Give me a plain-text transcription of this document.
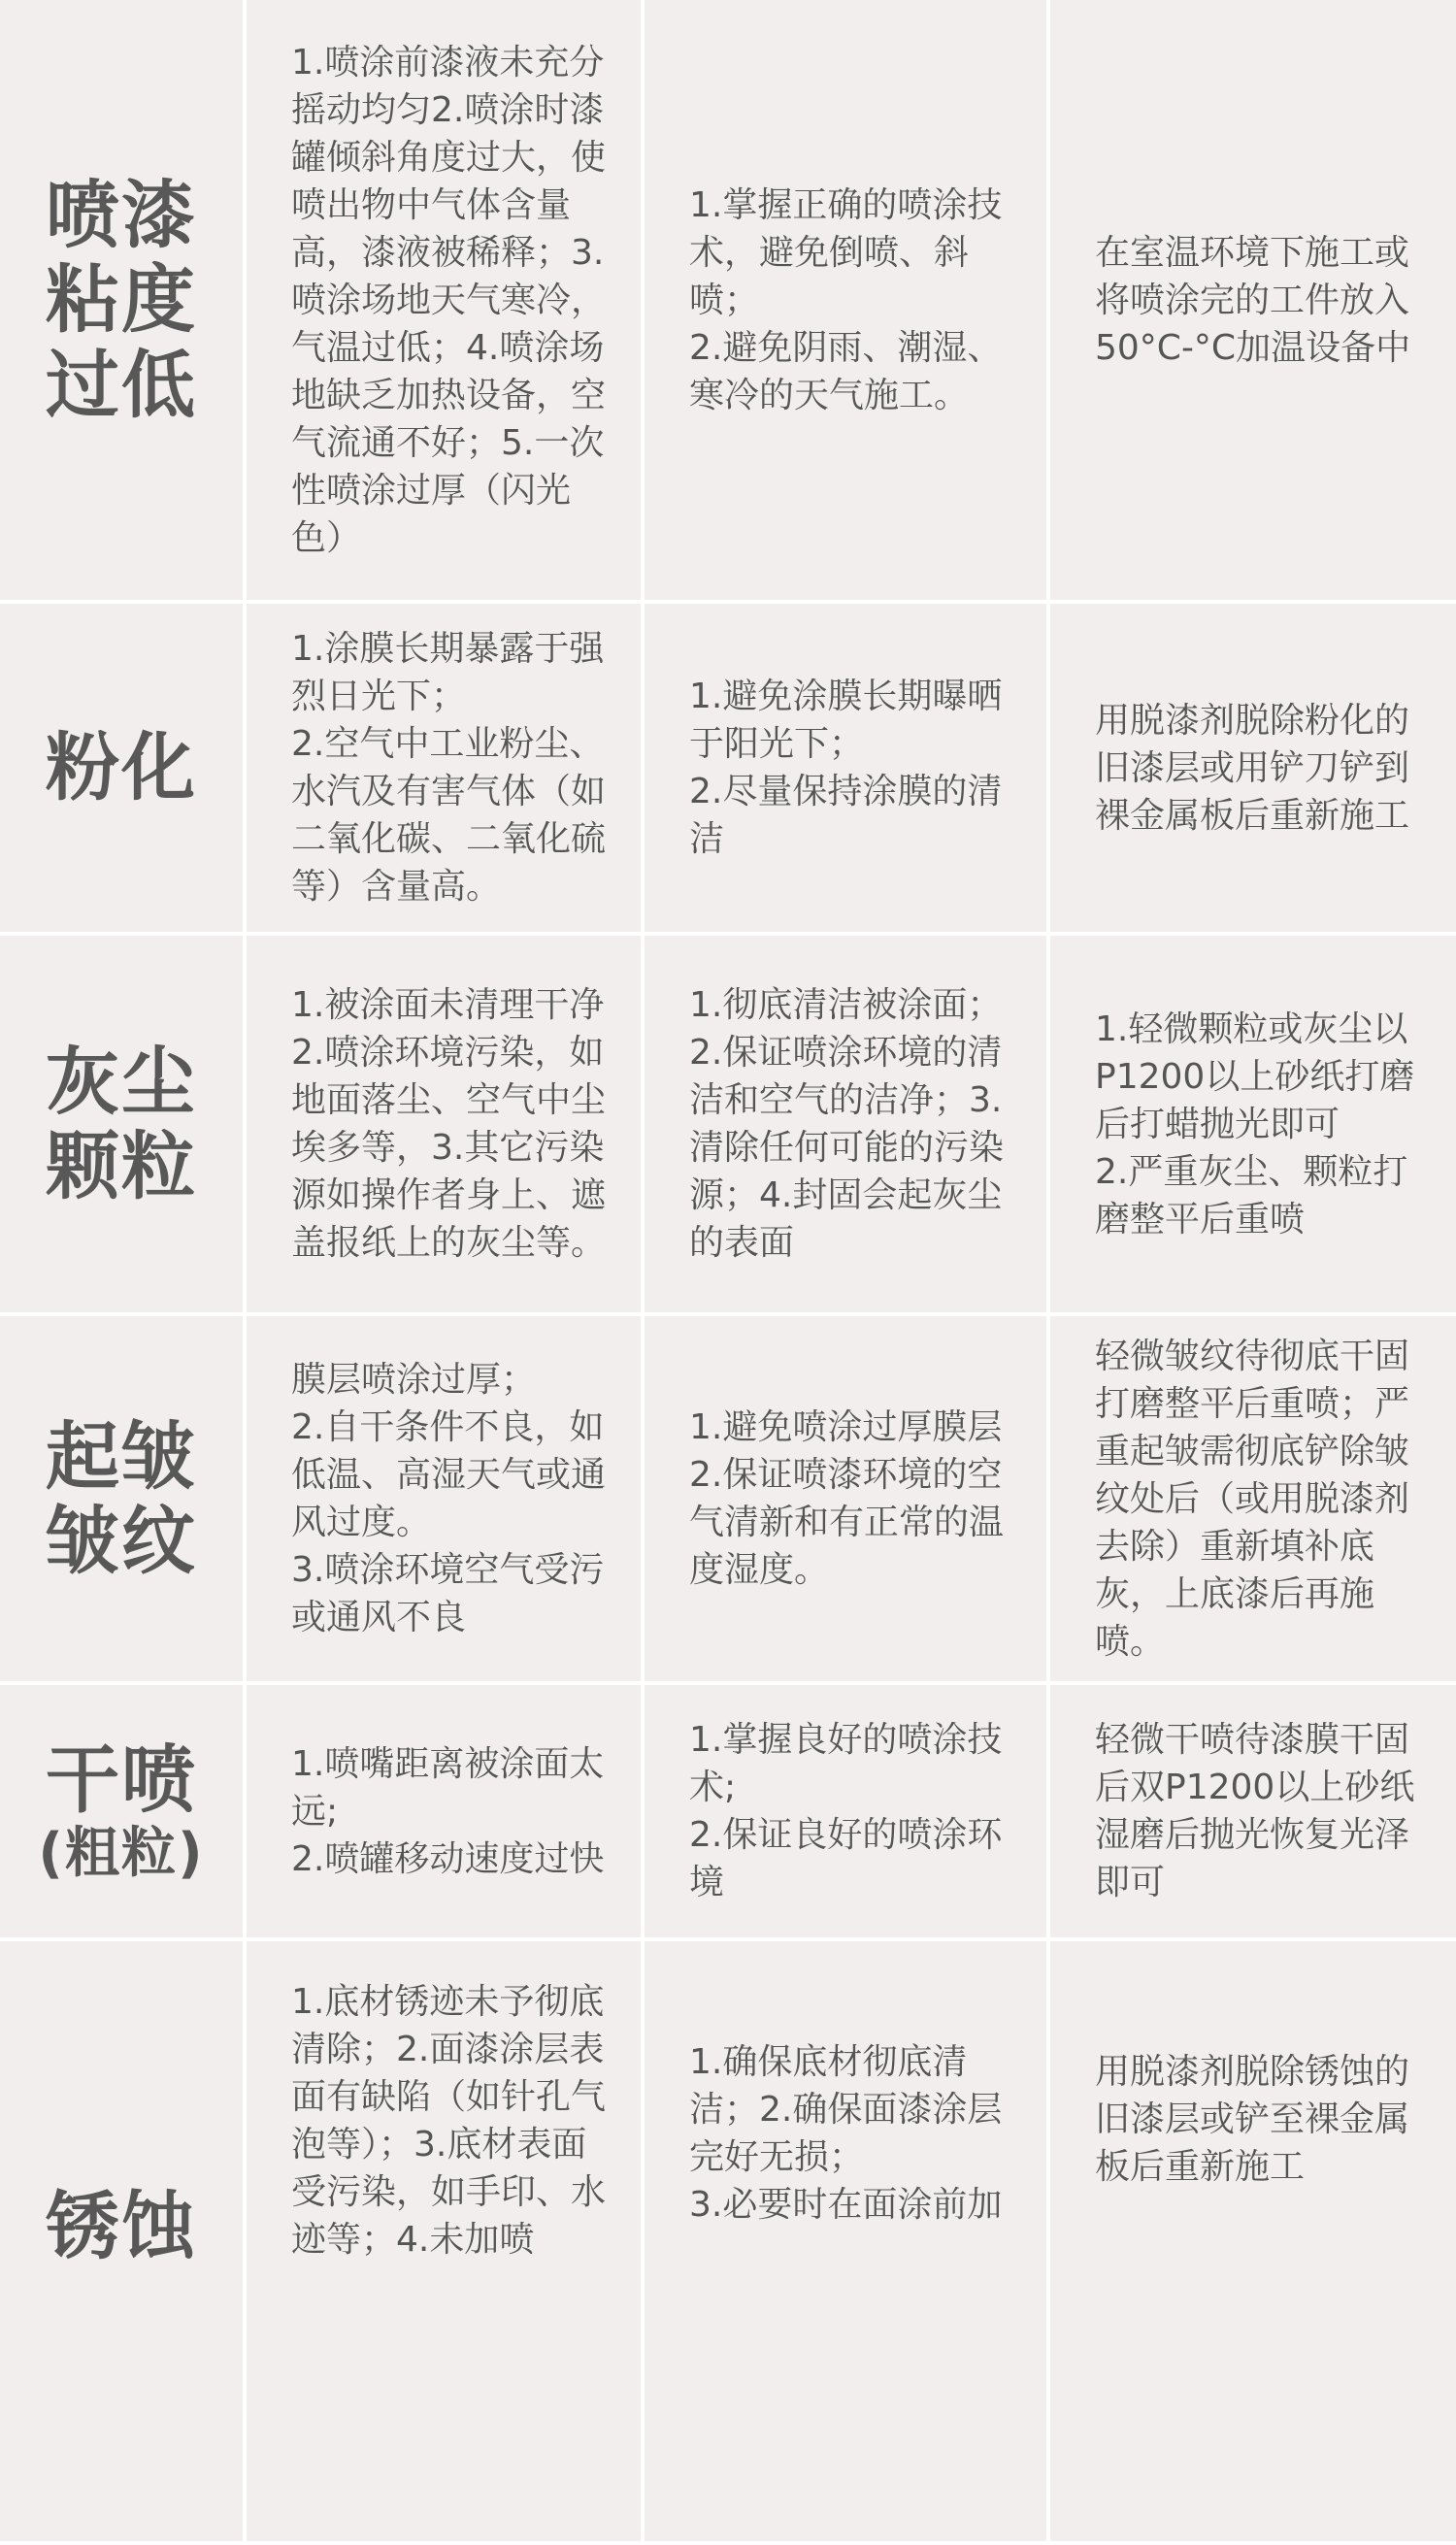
喷漆
粘度
过低
1.喷涂前漆液未充分摇动均匀2.喷涂时漆罐倾斜角度过大，使喷出物中气体含量高，漆液被稀释；3.喷涂场地天气寒冷，气温过低；4.喷涂场地缺乏加热设备，空气流通不好；5.一次性喷涂过厚（闪光色）
1.掌握正确的喷涂技术，避免倒喷、斜喷；
2.避免阴雨、潮湿、寒冷的天气施工。
在室温环境下施工或将喷涂完的工件放入50°C-°C加温设备中
粉化
1.涂膜长期暴露于强烈日光下；
2.空气中工业粉尘、水汽及有害气体（如二氧化碳、二氧化硫等）含量高。
1.避免涂膜长期曝晒于阳光下；
2.尽量保持涂膜的清洁
用脱漆剂脱除粉化的旧漆层或用铲刀铲到裸金属板后重新施工
灰尘
颗粒
1.被涂面未清理干净
2.喷涂环境污染，如地面落尘、空气中尘埃多等，3.其它污染源如操作者身上、遮盖报纸上的灰尘等。
1.彻底清洁被涂面；
2.保证喷涂环境的清洁和空气的洁净；3.清除任何可能的污染源；4.封固会起灰尘的表面
1.轻微颗粒或灰尘以P1200以上砂纸打磨后打蜡抛光即可
2.严重灰尘、颗粒打磨整平后重喷
起皱
皱纹
膜层喷涂过厚；
2.自干条件不良，如低温、高湿天气或通风过度。
3.喷涂环境空气受污或通风不良
1.避免喷涂过厚膜层
2.保证喷漆环境的空气清新和有正常的温度湿度。
轻微皱纹待彻底干固打磨整平后重喷；严重起皱需彻底铲除皱纹处后（或用脱漆剂去除）重新填补底灰，上底漆后再施喷。

干喷

(粗粒)

1.喷嘴距离被涂面太远;
2.喷罐移动速度过快
1.掌握良好的喷涂技术;
2.保证良好的喷涂环境
轻微干喷待漆膜干固后双P1200以上砂纸湿磨后抛光恢复光泽即可
锈蚀
1.底材锈迹未予彻底清除；2.面漆涂层表面有缺陷（如针孔气泡等）；3.底材表面受污染，如手印、水迹等；4.未加喷
1.确保底材彻底清洁；2.确保面漆涂层完好无损；
3.必要时在面涂前加
用脱漆剂脱除锈蚀的旧漆层或铲至裸金属板后重新施工
